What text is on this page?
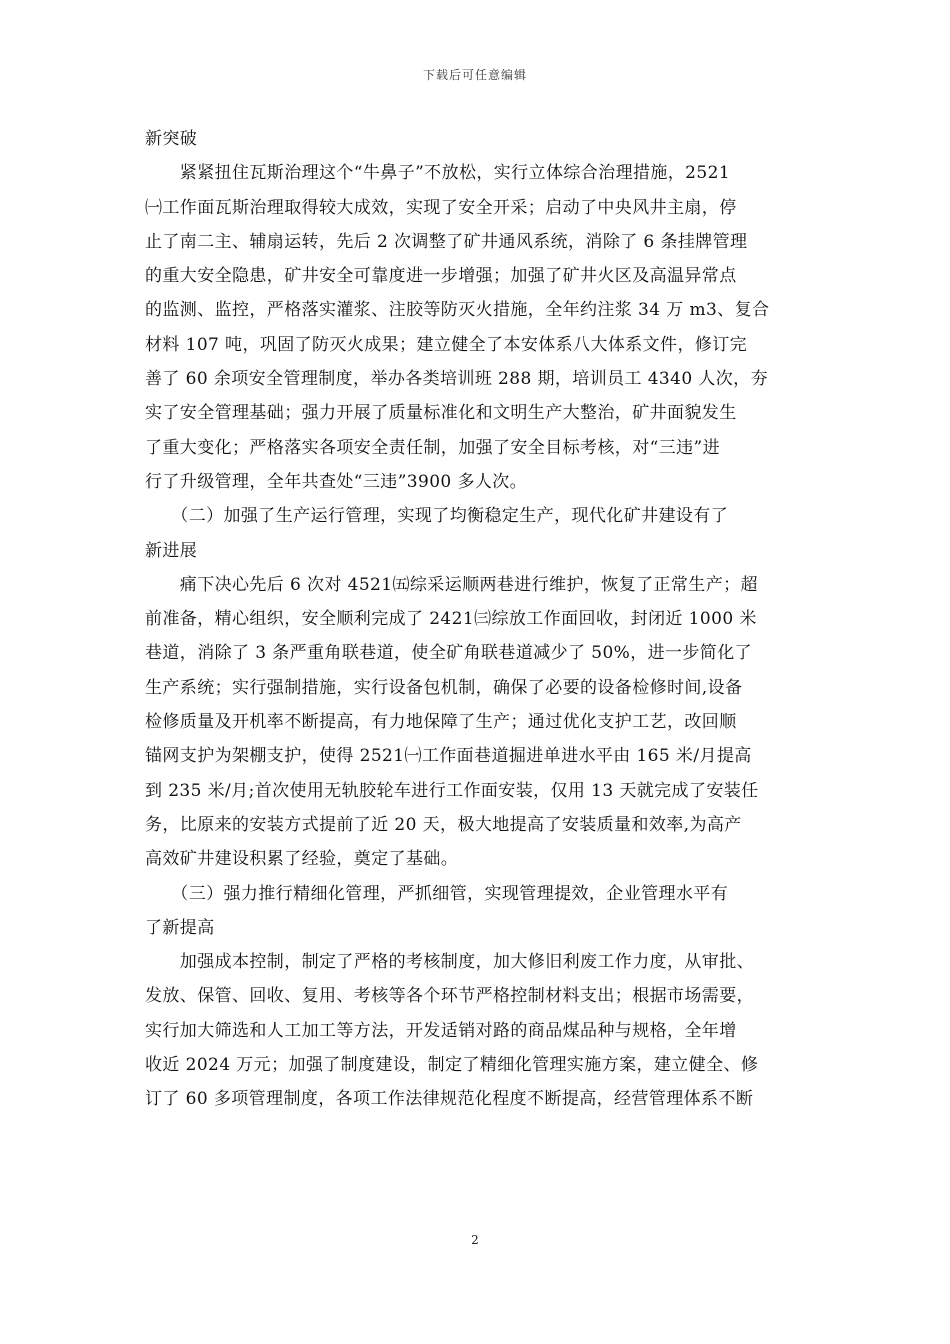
下载后可任意编辑
新突破
　　紧紧扭住瓦斯治理这个“牛鼻子”不放松，实行立体综合治理措施，2521
㈠工作面瓦斯治理取得较大成效，实现了安全开采；启动了中央风井主扇，停
止了南二主、辅扇运转，先后 2 次调整了矿井通风系统，消除了 6 条挂牌管理
的重大安全隐患，矿井安全可靠度进一步增强；加强了矿井火区及高温异常点
的监测、监控，严格落实灌浆、注胶等防灭火措施，全年约注浆 34 万 m3、复合
材料 107 吨，巩固了防灭火成果；建立健全了本安体系八大体系文件，修订完
善了 60 余项安全管理制度，举办各类培训班 288 期，培训员工 4340 人次，夯
实了安全管理基础；强力开展了质量标准化和文明生产大整治，矿井面貌发生
了重大变化；严格落实各项安全责任制，加强了安全目标考核，对“三违”进
行了升级管理，全年共查处“三违”3900 多人次。
　　（二）加强了生产运行管理，实现了均衡稳定生产，现代化矿井建设有了
新进展
　　痛下决心先后 6 次对 4521㈤综采运顺两巷进行维护，恢复了正常生产；超
前准备，精心组织，安全顺利完成了 2421㈢综放工作面回收，封闭近 1000 米
巷道，消除了 3 条严重角联巷道，使全矿角联巷道减少了 50%，进一步简化了
生产系统；实行强制措施，实行设备包机制，确保了必要的设备检修时间,设备
检修质量及开机率不断提高，有力地保障了生产；通过优化支护工艺，改回顺
锚网支护为架棚支护，使得 2521㈠工作面巷道掘进单进水平由 165 米/月提高
到 235 米/月;首次使用无轨胶轮车进行工作面安装，仅用 13 天就完成了安装任
务，比原来的安装方式提前了近 20 天，极大地提高了安装质量和效率,为高产
高效矿井建设积累了经验，奠定了基础。
　　（三）强力推行精细化管理，严抓细管，实现管理提效，企业管理水平有
了新提高
　　加强成本控制，制定了严格的考核制度，加大修旧利废工作力度，从审批、
发放、保管、回收、复用、考核等各个环节严格控制材料支出；根据市场需要，
实行加大筛选和人工加工等方法，开发适销对路的商品煤品种与规格，全年增
收近 2024 万元；加强了制度建设，制定了精细化管理实施方案，建立健全、修
订了 60 多项管理制度，各项工作法律规范化程度不断提高，经营管理体系不断
2
